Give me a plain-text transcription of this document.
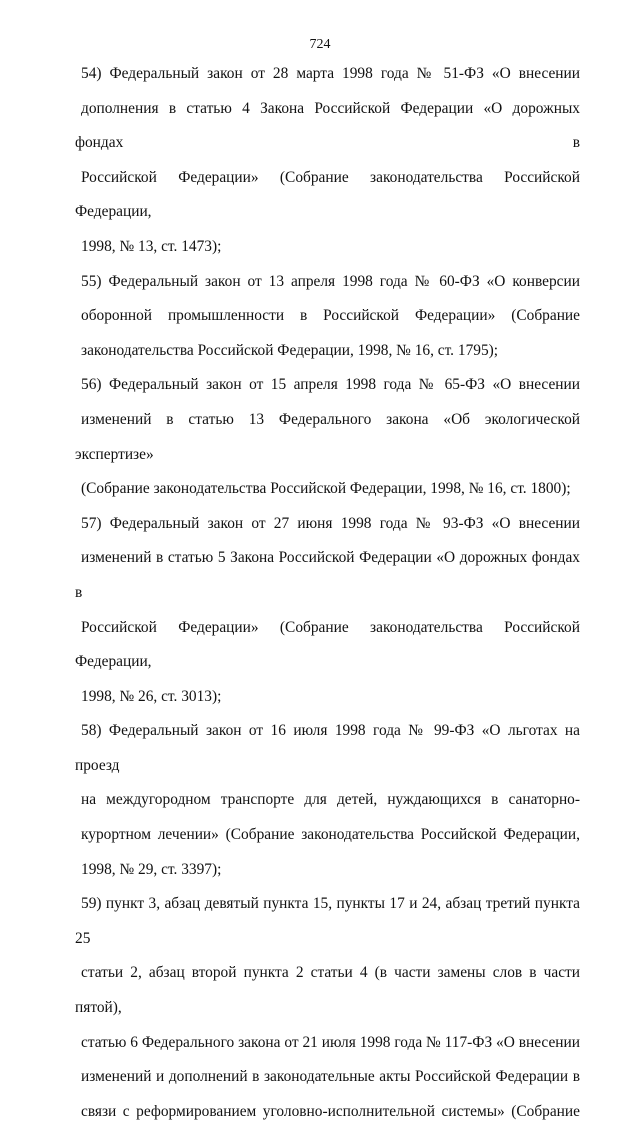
724

54) Федеральный закон от 28 марта 1998 года № 51-ФЗ «О внесении
дополнения в статью 4 Закона Российской Федерации «О дорожных фондах в
Российской Федерации» (Собрание законодательства Российской Федерации,
1998, № 13, ст. 1473);

55) Федеральный закон от 13 апреля 1998 года № 60-ФЗ «О конверсии
оборонной промышленности в Российской Федерации» (Собрание
законодательства Российской Федерации, 1998, № 16, ст. 1795);

56) Федеральный закон от 15 апреля 1998 года № 65-ФЗ «О внесении
изменений в статью 13 Федерального закона «Об экологической экспертизе»
(Собрание законодательства Российской Федерации, 1998, № 16, ст. 1800);

57) Федеральный закон от 27 июня 1998 года № 93-ФЗ «О внесении
изменений в статью 5 Закона Российской Федерации «О дорожных фондах в
Российской Федерации» (Собрание законодательства Российской Федерации,
1998, № 26, ст. 3013);

58) Федеральный закон от 16 июля 1998 года № 99-ФЗ «О льготах на проезд
на междугородном транспорте для детей, нуждающихся в санаторно-
курортном лечении» (Собрание законодательства Российской Федерации,
1998, № 29, ст. 3397);

59) пункт 3, абзац девятый пункта 15, пункты 17 и 24, абзац третий пункта 25
статьи 2, абзац второй пункта 2 статьи 4 (в части замены слов в части пятой),
статью 6 Федерального закона от 21 июля 1998 года № 117-ФЗ «О внесении
изменений и дополнений в законодательные акты Российской Федерации в
связи с реформированием уголовно-исполнительной системы» (Собрание
